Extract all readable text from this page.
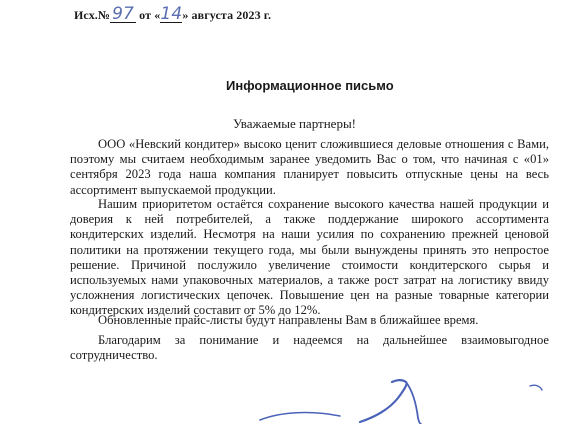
Исх.№ 97 от « 14 » августа 2023 г.
Информационное письмо
Уважаемые партнеры!

ООО «Невский кондитер» высоко ценит сложившиеся деловые отношения с Вами, поэтому мы считаем необходимым заранее уведомить Вас о том, что начиная с «01» сентября 2023 года наша компания планирует повысить отпускные цены на весь ассортимент выпускаемой продукции.

Нашим приоритетом остаётся сохранение высокого качества нашей продукции и доверия к ней потребителей, а также поддержание широкого ассортимента кондитерских изделий. Несмотря на наши усилия по сохранению прежней ценовой политики на протяжении текущего года, мы были вынуждены принять это непростое решение. Причиной послужило увеличение стоимости кондитерского сырья и используемых нами упаковочных материалов, а также рост затрат на логистику ввиду усложнения логистических цепочек. Повышение цен на разные товарные категории кондитерских изделий составит от 5% до 12%.

Обновленные прайс-листы будут направлены Вам в ближайшее время.

Благодарим за понимание и надеемся на дальнейшее взаимовыгодное сотрудничество.
